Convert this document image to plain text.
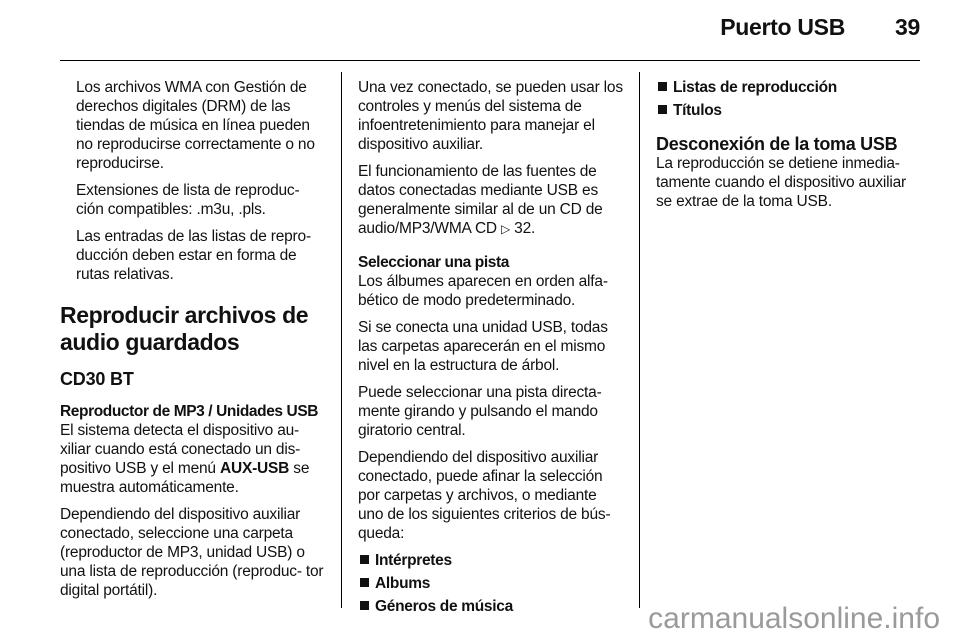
Puerto USB 39

Los archivos WMA con Gestión de derechos digitales (DRM) de las tiendas de música en línea pueden no reproducirse correctamente o no reproducirse.

Extensiones de lista de reproduc‐ ción compatibles: .m3u, .pls.

Las entradas de las listas de repro‐ ducción deben estar en forma de rutas relativas.

Reproducir archivos de audio guardados
CD30 BT

Reproductor de MP3 / Unidades USB
El sistema detecta el dispositivo au‐ xiliar cuando está conectado un dis‐ positivo USB y el menú AUX-USB se muestra automáticamente.

Dependiendo del dispositivo auxiliar conectado, seleccione una carpeta (reproductor de MP3, unidad USB) o una lista de reproducción (reproduc‐ tor digital portátil).

Una vez conectado, se pueden usar los controles y menús del sistema de infoentretenimiento para manejar el dispositivo auxiliar.

El funcionamiento de las fuentes de datos conectadas mediante USB es generalmente similar al de un CD de audio/MP3/WMA CD ▷ 32.

Seleccionar una pista
Los álbumes aparecen en orden alfa‐ bético de modo predeterminado.

Si se conecta una unidad USB, todas las carpetas aparecerán en el mismo nivel en la estructura de árbol.

Puede seleccionar una pista directa‐ mente girando y pulsando el mando giratorio central.

Dependiendo del dispositivo auxiliar conectado, puede afinar la selección por carpetas y archivos, o mediante uno de los siguientes criterios de bús‐ queda:

Intérpretes
Albums
Géneros de música
Listas de reproducción
Títulos
Desconexión de la toma USB

La reproducción se detiene inmedia‐ tamente cuando el dispositivo auxiliar se extrae de la toma USB.

carmanualsonline.info
